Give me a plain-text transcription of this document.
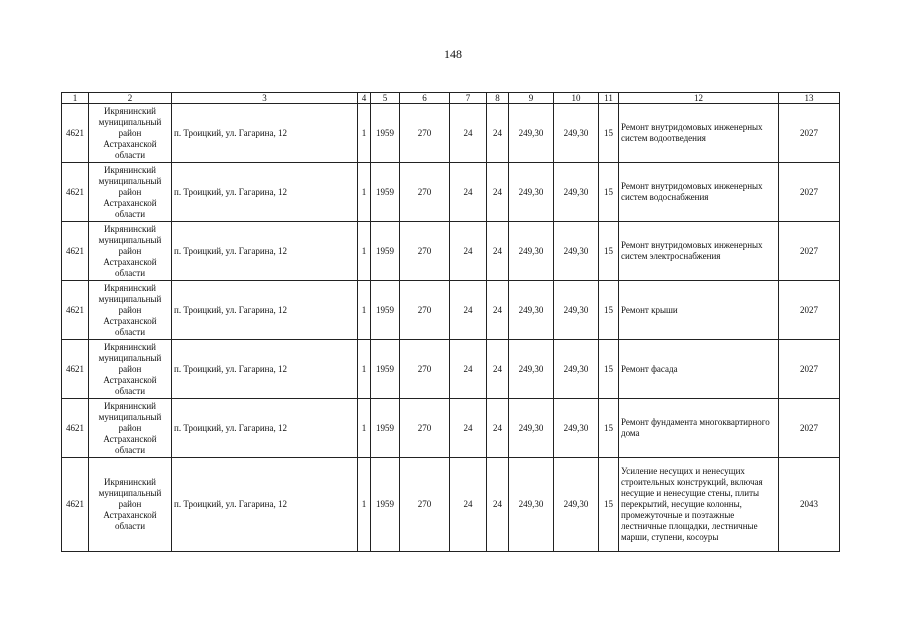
148
1	2	3	4	5	6	7	8	9	10	11	12	13
4621	Икрянинский муниципальный район Астраханской области	п. Троицкий, ул. Гагарина, 12	1	1959	270	24	24	249,30	249,30	15	Ремонт внутридомовых инженерных систем водоотведения	2027
4621	Икрянинский муниципальный район Астраханской области	п. Троицкий, ул. Гагарина, 12	1	1959	270	24	24	249,30	249,30	15	Ремонт внутридомовых инженерных систем водоснабжения	2027
4621	Икрянинский муниципальный район Астраханской области	п. Троицкий, ул. Гагарина, 12	1	1959	270	24	24	249,30	249,30	15	Ремонт внутридомовых инженерных систем электроснабжения	2027
4621	Икрянинский муниципальный район Астраханской области	п. Троицкий, ул. Гагарина, 12	1	1959	270	24	24	249,30	249,30	15	Ремонт крыши	2027
4621	Икрянинский муниципальный район Астраханской области	п. Троицкий, ул. Гагарина, 12	1	1959	270	24	24	249,30	249,30	15	Ремонт фасада	2027
4621	Икрянинский муниципальный район Астраханской области	п. Троицкий, ул. Гагарина, 12	1	1959	270	24	24	249,30	249,30	15	Ремонт фундамента многоквартирного дома	2027
4621	Икрянинский муниципальный район Астраханской области	п. Троицкий, ул. Гагарина, 12	1	1959	270	24	24	249,30	249,30	15	Усиление несущих и ненесущих строительных конструкций, включая несущие и ненесущие стены, плиты перекрытий, несущие колонны, промежуточные и поэтажные лестничные площадки, лестничные марши, ступени, косоуры	2043
